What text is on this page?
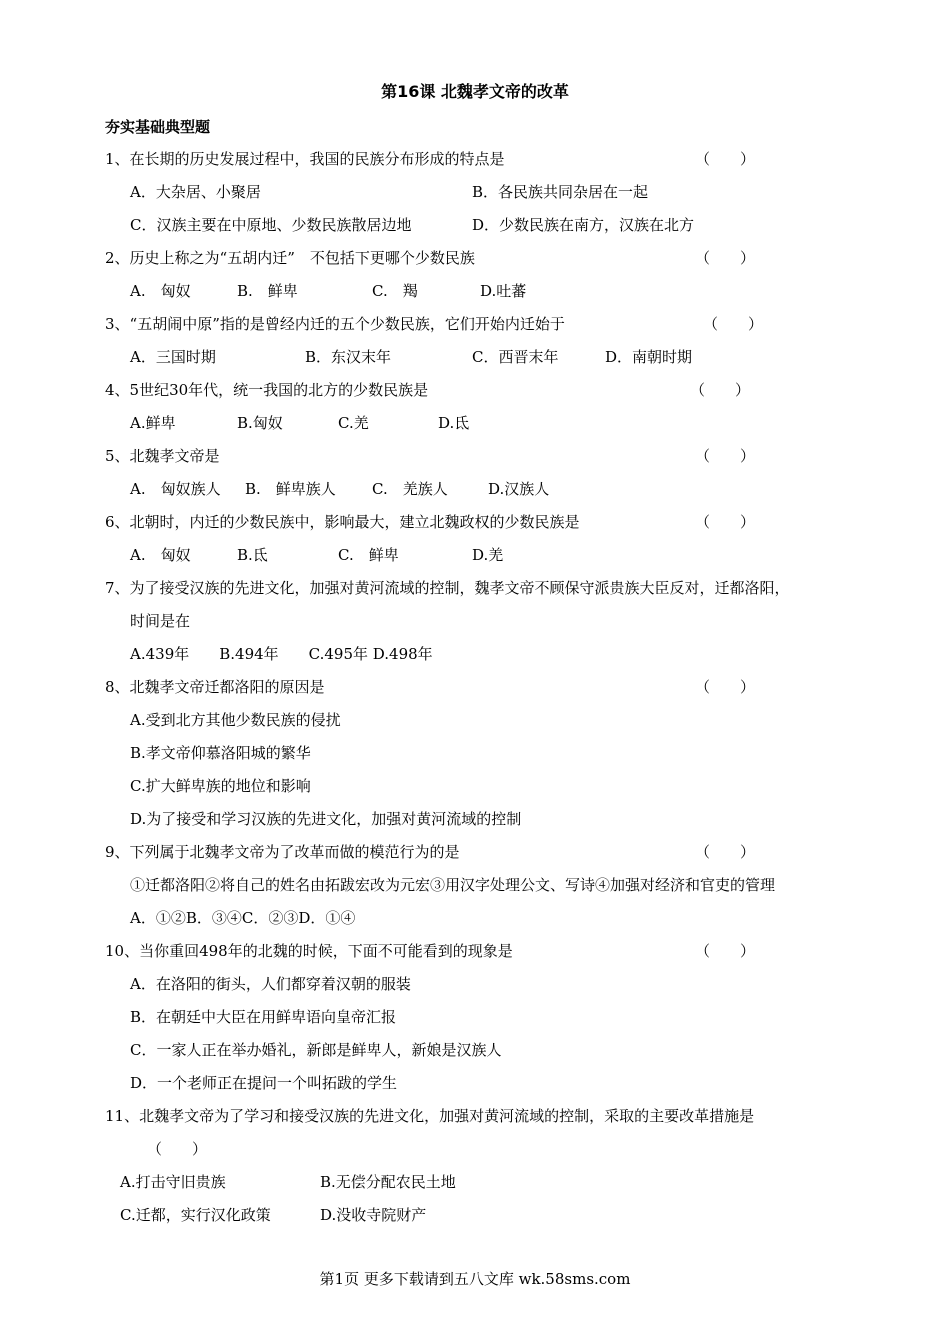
第16课 北魏孝文帝的改革
夯实基础典型题
1、在长期的历史发展过程中，我国的民族分布形成的特点是	（　　）
A．大杂居、小聚居	B．各民族共同杂居在一起
C．汉族主要在中原地、少数民族散居边地	D．少数民族在南方，汉族在北方
2、历史上称之为“五胡内迁”　不包括下更哪个少数民族	（　　）
A.　匈奴	B.　鲜卑	C.　羯	D.吐蕃
3、“五胡闹中原”指的是曾经内迁的五个少数民族，它们开始内迁始于	（　　）
A．三国时期	B．东汉末年	C．西晋末年	D．南朝时期
4、5世纪30年代，统一我国的北方的少数民族是	（　　）
A.鲜卑	B.匈奴	C.羌	D.氐
5、北魏孝文帝是	（　　）
A.　匈奴族人 B.　鲜卑族人 C.　羌族人	D.汉族人
6、北朝时，内迁的少数民族中，影响最大，建立北魏政权的少数民族是	（　　）
A.　匈奴	B.氐	C.　鲜卑	D.羌
7、为了接受汉族的先进文化，加强对黄河流域的控制，魏孝文帝不顾保守派贵族大臣反对，迁都洛阳，
时间是在
A.439年　　B.494年　　C.495年 D.498年
8、北魏孝文帝迁都洛阳的原因是	（　　）
A.受到北方其他少数民族的侵扰
B.孝文帝仰慕洛阳城的繁华
C.扩大鲜卑族的地位和影响
D.为了接受和学习汉族的先进文化，加强对黄河流域的控制
9、下列属于北魏孝文帝为了改革而做的模范行为的是	（　　）
①迁都洛阳②将自己的姓名由拓跋宏改为元宏③用汉字处理公文、写诗④加强对经济和官吏的管理
A．①②B．③④C．②③D．①④
10、当你重回498年的北魏的时候，下面不可能看到的现象是	（　　）
A．在洛阳的街头，人们都穿着汉朝的服装
B．在朝廷中大臣在用鲜卑语向皇帝汇报
C．一家人正在举办婚礼，新郎是鲜卑人，新娘是汉族人
D．一个老师正在提问一个叫拓跋的学生
11、北魏孝文帝为了学习和接受汉族的先进文化，加强对黄河流域的控制，采取的主要改革措施是
（　　）
A.打击守旧贵族	B.无偿分配农民土地
C.迁都，实行汉化政策	D.没收寺院财产
第1页 更多下载请到五八文库 wk.58sms.com
